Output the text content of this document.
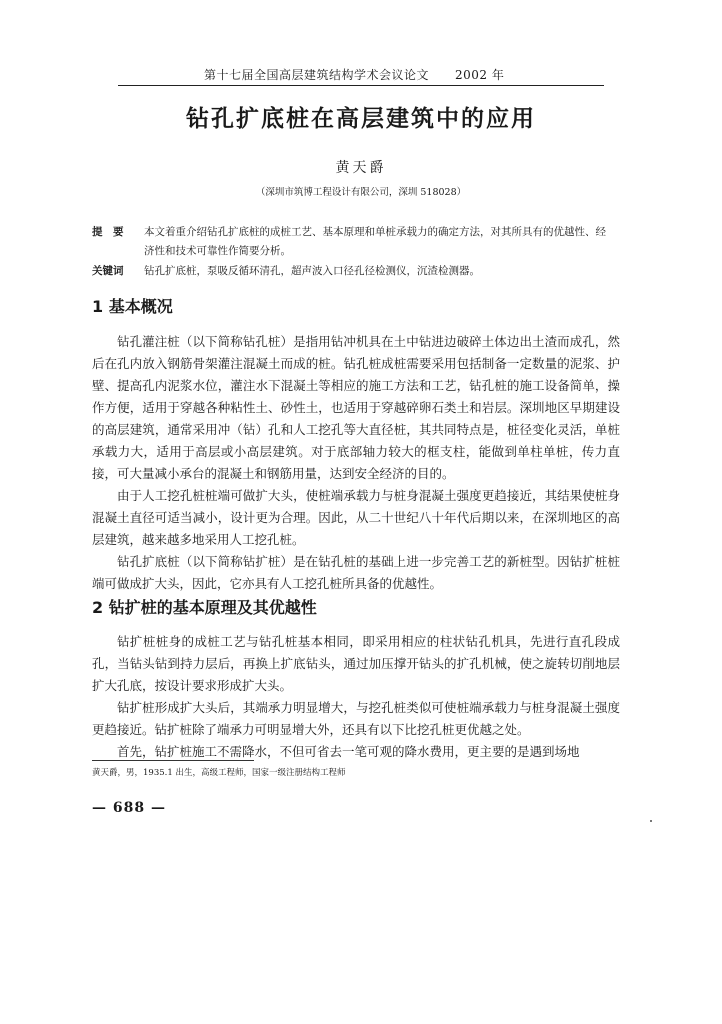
第十七届全国高层建筑结构学术会议论文 2002 年
钻孔扩底桩在高层建筑中的应用
黄天爵
（深圳市筑博工程设计有限公司，深圳 518028）
提　要	本文着重介绍钻孔扩底桩的成桩工艺、基本原理和单桩承载力的确定方法，对其所具有的优越性、经济性和技术可靠性作简要分析。
关键词	钻孔扩底桩，泵吸反循环清孔，超声波入口径孔径检测仪，沉渣检测器。
1 基本概况

钻孔灌注桩（以下简称钻孔桩）是指用钻冲机具在土中钻进边破碎土体边出土渣而成孔，然后在孔内放入钢筋骨架灌注混凝土而成的桩。钻孔桩成桩需要采用包括制备一定数量的泥浆、护壁、提高孔内泥浆水位，灌注水下混凝土等相应的施工方法和工艺，钻孔桩的施工设备简单，操作方便，适用于穿越各种粘性土、砂性土，也适用于穿越碎卵石类土和岩层。深圳地区早期建设的高层建筑，通常采用冲（钻）孔和人工挖孔等大直径桩，其共同特点是，桩径变化灵活，单桩承载力大，适用于高层或小高层建筑。对于底部轴力较大的框支柱，能做到单柱单桩，传力直接，可大量减小承台的混凝土和钢筋用量，达到安全经济的目的。

由于人工挖孔桩桩端可做扩大头，使桩端承载力与桩身混凝土强度更趋接近，其结果使桩身混凝土直径可适当减小，设计更为合理。因此，从二十世纪八十年代后期以来，在深圳地区的高层建筑，越来越多地采用人工挖孔桩。

钻孔扩底桩（以下简称钻扩桩）是在钻孔桩的基础上进一步完善工艺的新桩型。因钻扩桩桩端可做成扩大头，因此，它亦具有人工挖孔桩所具备的优越性。

2 钻扩桩的基本原理及其优越性

钻扩桩桩身的成桩工艺与钻孔桩基本相同，即采用相应的柱状钻孔机具，先进行直孔段成孔，当钻头钻到持力层后，再换上扩底钻头，通过加压撑开钻头的扩孔机械，使之旋转切削地层扩大孔底，按设计要求形成扩大头。

钻扩桩形成扩大头后，其端承力明显增大，与挖孔桩类似可使桩端承载力与桩身混凝土强度更趋接近。钻扩桩除了端承力可明显增大外，还具有以下比挖孔桩更优越之处。

首先，钻扩桩施工不需降水，不但可省去一笔可观的降水费用，更主要的是遇到场地

黄天爵，男，1935.1 出生，高级工程师，国家一级注册结构工程师
— 688 —
